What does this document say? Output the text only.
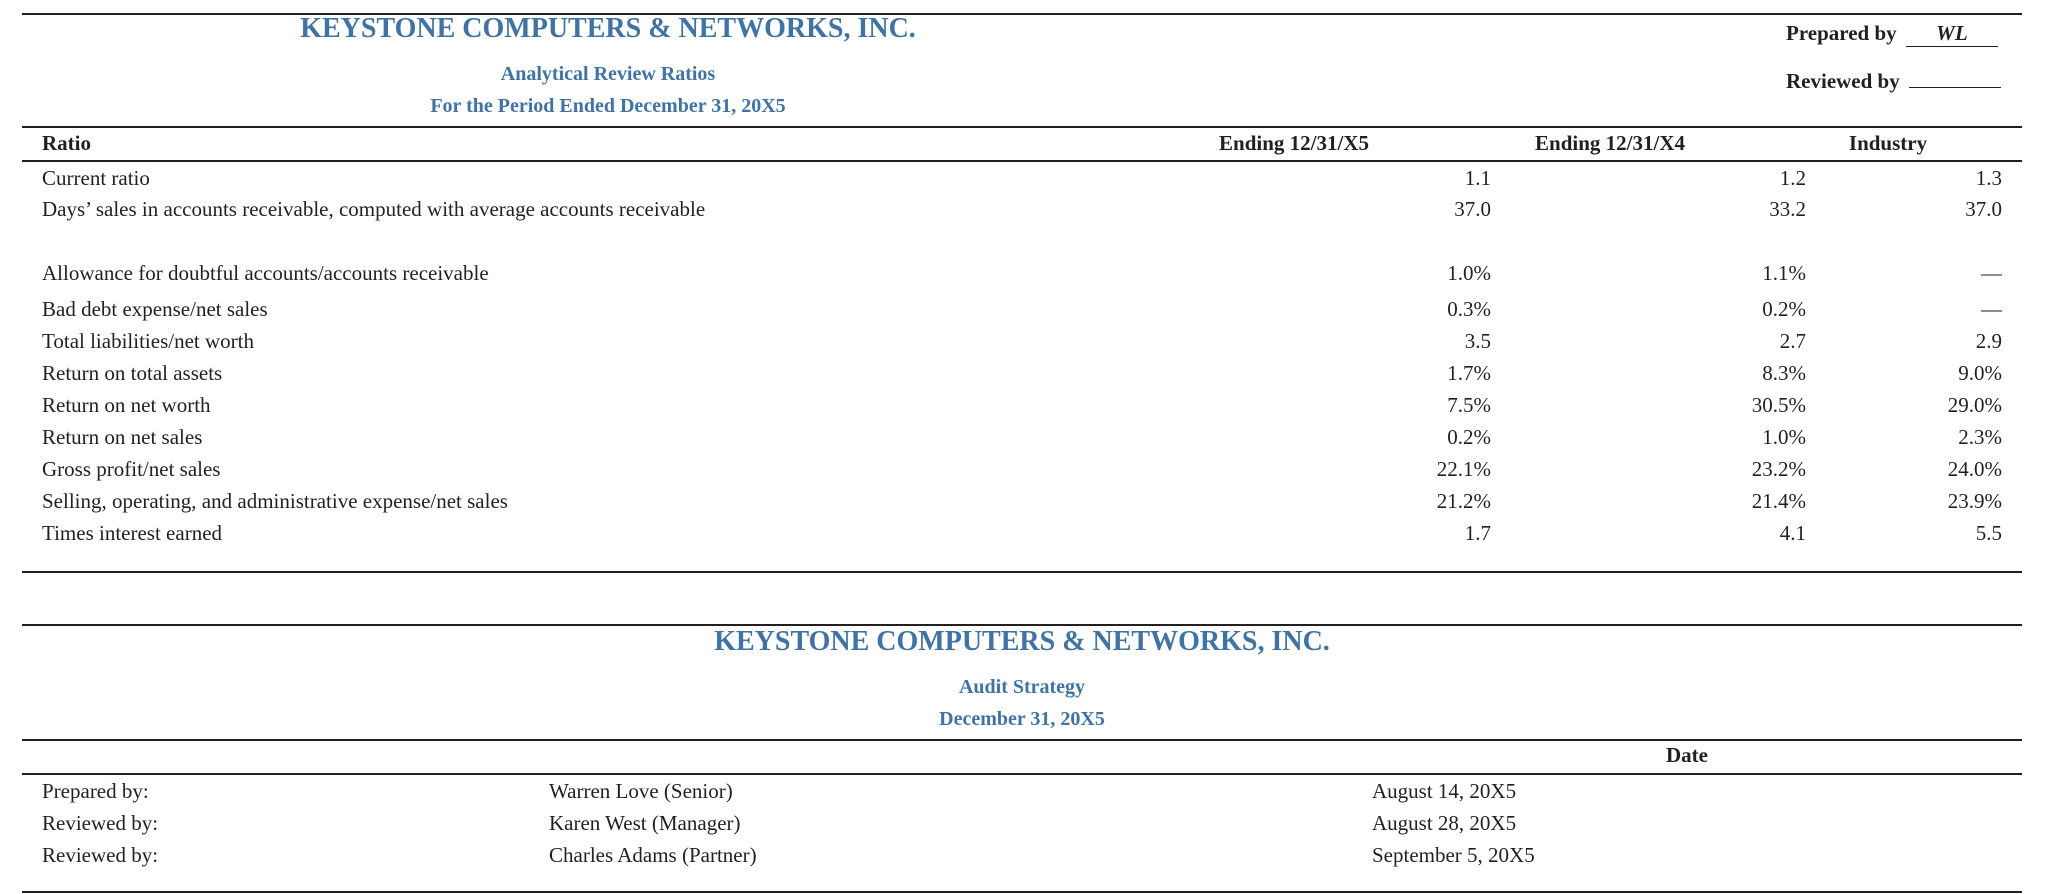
KEYSTONE COMPUTERS & NETWORKS, INC.
Analytical Review Ratios
For the Period Ended December 31, 20X5
Prepared by WL
Reviewed by
Ratio	Ending 12/31/X5	Ending 12/31/X4	Industry
Current ratio	1.1	1.2	1.3
Days’ sales in accounts receivable, computed with average accounts receivable	37.0	33.2	37.0
Allowance for doubtful accounts/accounts receivable	1.0%	1.1%	—
Bad debt expense/net sales	0.3%	0.2%	—
Total liabilities/net worth	3.5	2.7	2.9
Return on total assets	1.7%	8.3%	9.0%
Return on net worth	7.5%	30.5%	29.0%
Return on net sales	0.2%	1.0%	2.3%
Gross profit/net sales	22.1%	23.2%	24.0%
Selling, operating, and administrative expense/net sales	21.2%	21.4%	23.9%
Times interest earned	1.7	4.1	5.5
KEYSTONE COMPUTERS & NETWORKS, INC.
Audit Strategy
December 31, 20X5
Date
Prepared by:	Warren Love (Senior)	August 14, 20X5
Reviewed by:	Karen West (Manager)	August 28, 20X5
Reviewed by:	Charles Adams (Partner)	September 5, 20X5
